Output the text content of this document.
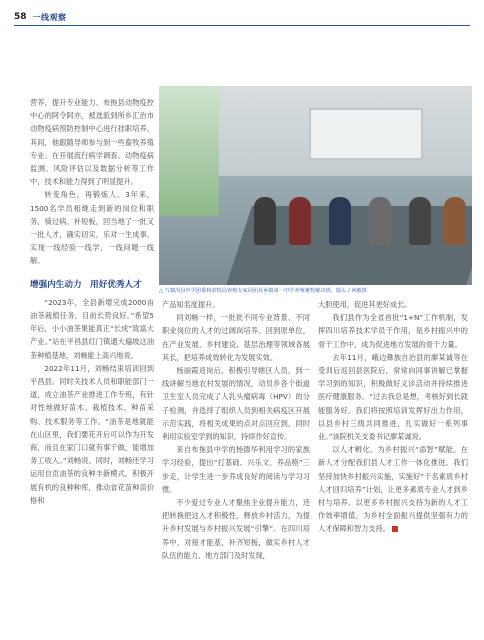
58 一线观察
△ 九寨沟县中学团委和农牧局养殖专家同团县乡镇第一中学养殖畜牧解决班。镜头 / 何敏摄

营养，提升专业能力、布拖县动物疫控中心的阿令阿亦，被选派到所乡汇治市动物疫病预防控制中心进行挂职培养。其间，他跟随导师参与到一些畜牧养殖专业、在开展流行病学调查、动物疫病监测、风险评估以及数据分析等工作中，技术和能力得到了明显提升。

转变角色，再锻炼人。3年来，1500名学员相继走到新的岗位和职务，骑过病、补短板，回当地了一批又一批人才，确实切实，乐对一生成事。实现一线经验一线学，一线问题一线解。

增强内生动力　用好优秀人才

“2023年，全县新增完成2000亩油茶栽植任务，目前长势良好。”希望5年后，小小油茶果能真正“长成”致富大产业。”站在平昌县红门镇通大遍坡这油茶种植基地，刘畅能上高兴地说。

2022年11月，刘畅结束培训回到平昌县。同时关技术人员和职能部门一道，成立油茶产业推进工作专班，有针对性地做好苗木、栽植技术、种苗采购、技术服务等工作。“油茶是地就能在山区里，我们要花开后可以作为开发商，而且在家门口就有事干做，能增加务工收入。”刘畅说。同时，刘畅还学习运用自贡油茶的良种丰新模式，积极开展有机的良种种库，推动省花苗种苗价格和

产品知名度提升。

同刘畅一样，一批批不同专业背景、不同职业岗位的人才的过阔岗培养、回到原单位，在产业发展、乡村建设、基层治理等领域各展其长，把培养成效转化为发展实效。

杨丽霞返岗后，积极引导辖区人员，到一线讲解当地农村发展的情况，动员乡各个街道卫生室人员完成了人乳头瘤病毒（HPV）的分子检测，并选择了组织人员到相关病疫区开展示范实践，将相关成果的点对点回应到，同时利用实验室学到的知识，持续作好宣传。

来自布拖县中学的杨德华利用学习的家族学习经验，提出“打基础、兴乐文、养品格”三步走，计学生进一步养成良好的阅读与学习习惯。

不少爱过专业人才聚焦主业提升能力，还把转换把这入才积极性，释放乡村活力，为提升乡村发展与乡村振兴发展“引擎”。在四川培养中，对接才能基，补齐短板，做实乡村人才队伍的能力、地方部门及时发现，

大胆使用，促进其更好成长。

我们县作为全省首批“1+N”工作机制，发挥四川培养技术学员干作用，是乡村振兴中的骨干工作中，成为促进地方发展的骨干力量。

去年11月，峨边彝族自治县的廖某诚等在受训后返回县医院后，常常向同事讲解已掌握学习到的知识，积极做好义诊活动并持续推进医疗健康服务。“过去我总是想，考核好到长就能服务好。我们将按照培训发挥好出力作用，以县乡村三级共同推进，扎实做好一系列事业。”该院机关支委书记廖某诚说。

以人才孵化、为乡村振兴“添智”赋能。在新人才分配我们县人才工作一体化推进，我们坚持加快乡村振兴实施，实施好“千名素质乡村人才回归培养”计划，让更多素质专业人才到乡村与培养、以更多乡村振兴支持为新的人才工作效率增值，为乡村全面振兴提供坚强有力的人才保障和智力支持。
